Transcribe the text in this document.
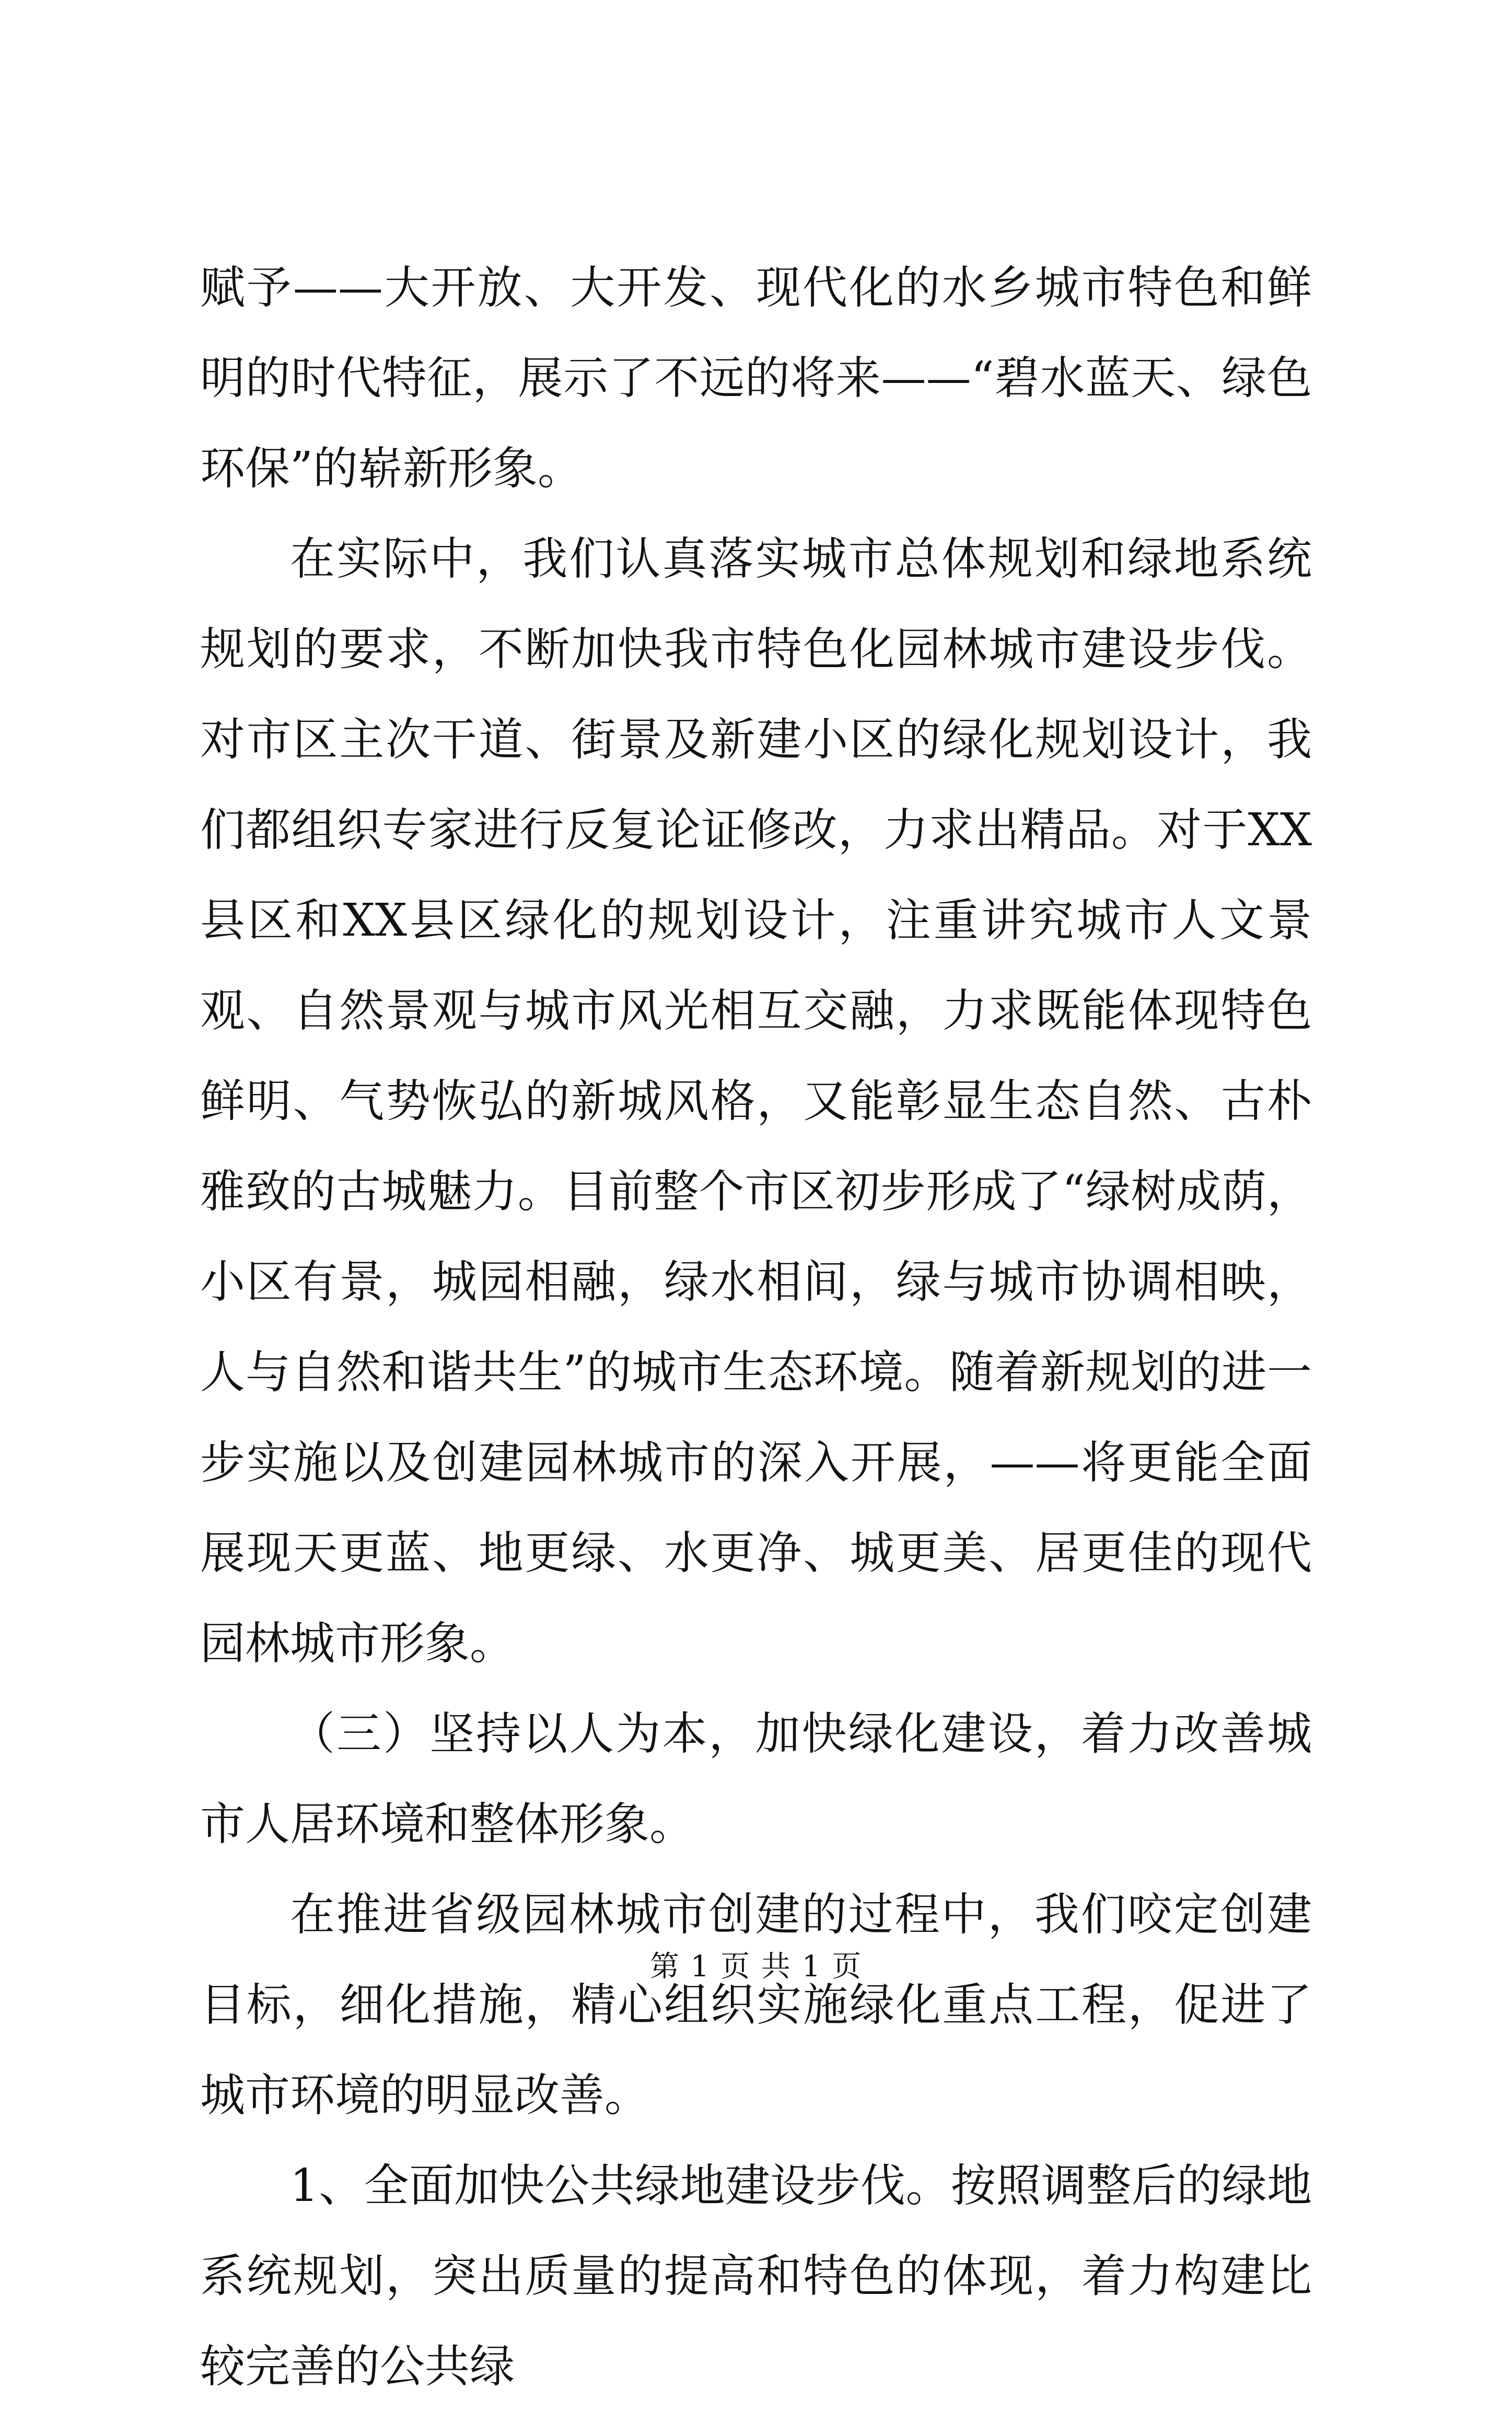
赋予——大开放、大开发、现代化的水乡城市特色和鲜明的时代特征，展示了不远的将来——“碧水蓝天、绿色环保”的崭新形象。

在实际中，我们认真落实城市总体规划和绿地系统规划的要求，不断加快我市特色化园林城市建设步伐。对市区主次干道、街景及新建小区的绿化规划设计，我们都组织专家进行反复论证修改，力求出精品。对于XX县区和XX县区绿化的规划设计，注重讲究城市人文景观、自然景观与城市风光相互交融，力求既能体现特色鲜明、气势恢弘的新城风格，又能彰显生态自然、古朴雅致的古城魅力。目前整个市区初步形成了“绿树成荫，小区有景，城园相融，绿水相间，绿与城市协调相映，人与自然和谐共生”的城市生态环境。随着新规划的进一步实施以及创建园林城市的深入开展，——将更能全面展现天更蓝、地更绿、水更净、城更美、居更佳的现代园林城市形象。

（三）坚持以人为本，加快绿化建设，着力改善城市人居环境和整体形象。

在推进省级园林城市创建的过程中，我们咬定创建目标，细化措施，精心组织实施绿化重点工程，促进了城市环境的明显改善。

1、全面加快公共绿地建设步伐。按照调整后的绿地系统规划，突出质量的提高和特色的体现，着力构建比较完善的公共绿

第 1 页 共 1 页
